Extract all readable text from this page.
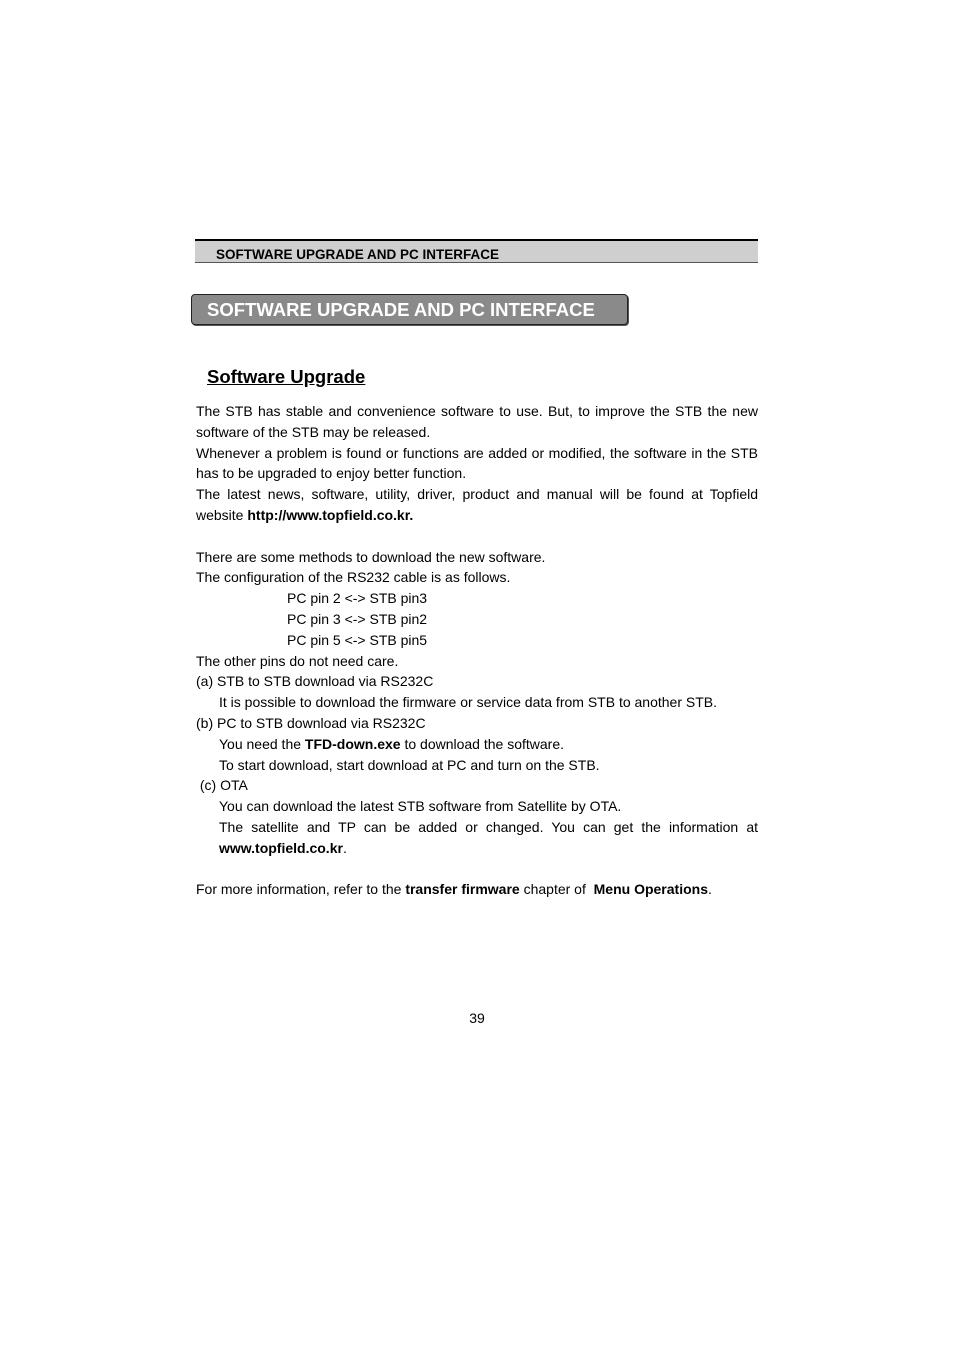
SOFTWARE UPGRADE AND PC INTERFACE
SOFTWARE UPGRADE AND PC INTERFACE
Software Upgrade

The STB has stable and convenience software to use. But, to improve the STB the new software of the STB may be released.

Whenever a problem is found or functions are added or modified, the software in the STB has to be upgraded to enjoy better function.

The latest news, software, utility, driver, product and manual will be found at Topfield website http://www.topfield.co.kr.

There are some methods to download the new software.

The configuration of the RS232 cable is as follows.

PC pin 2 <-> STB pin3

PC pin 3 <-> STB pin2

PC pin 5 <-> STB pin5

The other pins do not need care.

(a) STB to STB download via RS232C

It is possible to download the firmware or service data from STB to another STB.

(b) PC to STB download via RS232C

You need the TFD-down.exe to download the software.

To start download, start download at PC and turn on the STB.

(c) OTA

You can download the latest STB software from Satellite by OTA.

The satellite and TP can be added or changed. You can get the information at www.topfield.co.kr.

For more information, refer to the transfer firmware chapter of  Menu Operations.

39
